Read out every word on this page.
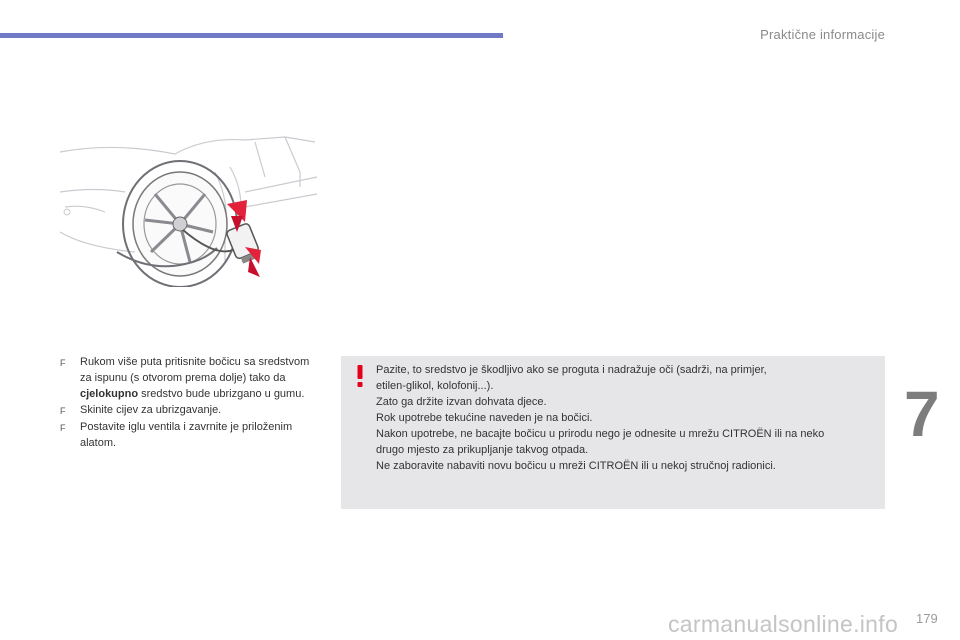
Praktične informacije
F	Rukom više puta pritisnite bočicu sa sredstvom za ispunu (s otvorom prema dolje) tako da cjelokupno sredstvo bude ubrizgano u gumu.
F	Skinite cijev za ubrizgavanje.
F	Postavite iglu ventila i zavrnite je priloženim alatom.
Pazite, to sredstvo je škodljivo ako se proguta i nadražuje oči (sadrži, na primjer,
etilen-glikol, kolofonij...).
Zato ga držite izvan dohvata djece.
Rok upotrebe tekućine naveden je na bočici.
Nakon upotrebe, ne bacajte bočicu u prirodu nego je odnesite u mrežu CITROËN ili na neko
drugo mjesto za prikupljanje takvog otpada.
Ne zaboravite nabaviti novu bočicu u mreži CITROËN ili u nekoj stručnoj radionici.
7
carmanualsonline.info 179
